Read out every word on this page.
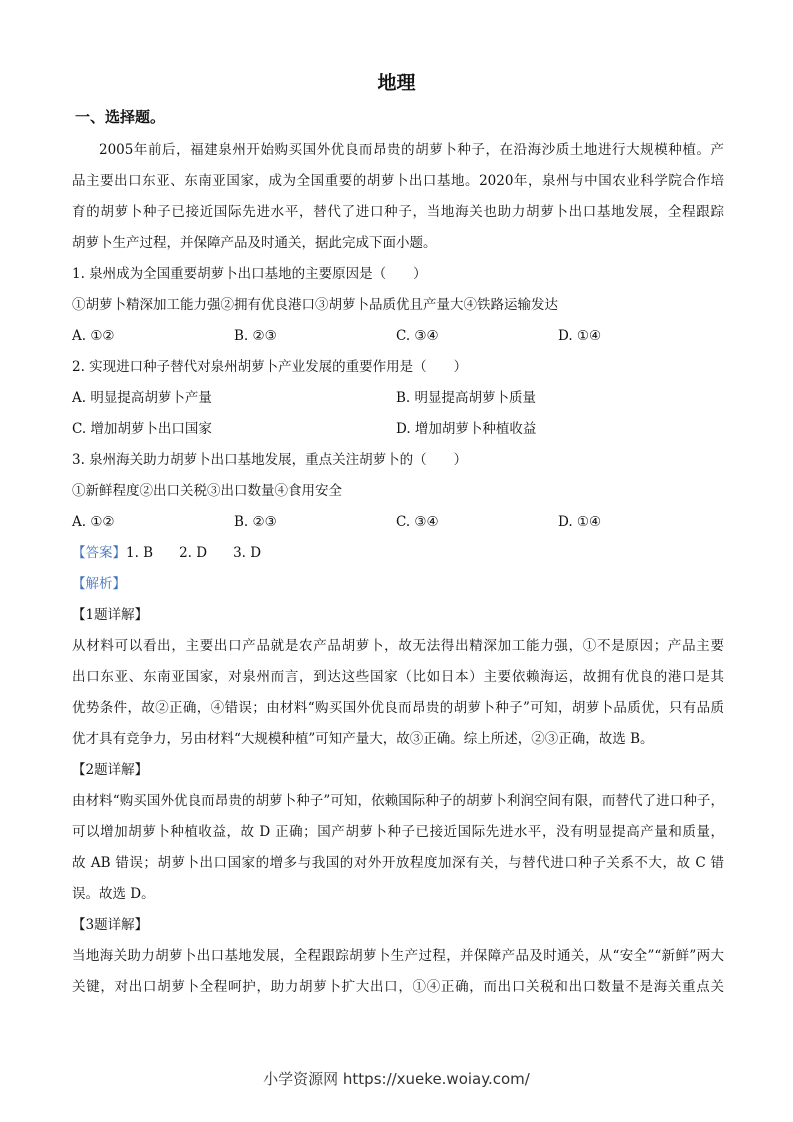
地理
一、选择题。
2005年前后，福建泉州开始购买国外优良而昂贵的胡萝卜种子，在沿海沙质土地进行大规模种植。产
品主要出口东亚、东南亚国家，成为全国重要的胡萝卜出口基地。2020年，泉州与中国农业科学院合作培
育的胡萝卜种子已接近国际先进水平，替代了进口种子，当地海关也助力胡萝卜出口基地发展，全程跟踪
胡萝卜生产过程，并保障产品及时通关，据此完成下面小题。
1. 泉州成为全国重要胡萝卜出口基地的主要原因是（　　）
①胡萝卜精深加工能力强②拥有优良港口③胡萝卜品质优且产量大④铁路运输发达
A. ①②	B. ②③	C. ③④	D. ①④
2. 实现进口种子替代对泉州胡萝卜产业发展的重要作用是（　　）
A. 明显提高胡萝卜产量	B. 明显提高胡萝卜质量
C. 增加胡萝卜出口国家	D. 增加胡萝卜种植收益
3. 泉州海关助力胡萝卜出口基地发展，重点关注胡萝卜的（　　）
①新鲜程度②出口关税③出口数量④食用安全
A. ①②	B. ②③	C. ③④	D. ①④
【答案】1. B 2. D 3. D
【解析】
【1题详解】
从材料可以看出，主要出口产品就是农产品胡萝卜，故无法得出精深加工能力强，①不是原因；产品主要
出口东亚、东南亚国家，对泉州而言，到达这些国家（比如日本）主要依赖海运，故拥有优良的港口是其
优势条件，故②正确，④错误；由材料“购买国外优良而昂贵的胡萝卜种子”可知，胡萝卜品质优，只有品质
优才具有竞争力，另由材料“大规模种植”可知产量大，故③正确。综上所述，②③正确，故选 B。
【2题详解】
由材料“购买国外优良而昂贵的胡萝卜种子”可知，依赖国际种子的胡萝卜利润空间有限，而替代了进口种子，
可以增加胡萝卜种植收益，故 D 正确；国产胡萝卜种子已接近国际先进水平，没有明显提高产量和质量，
故 AB 错误；胡萝卜出口国家的增多与我国的对外开放程度加深有关，与替代进口种子关系不大，故 C 错
误。故选 D。
【3题详解】
当地海关助力胡萝卜出口基地发展，全程跟踪胡萝卜生产过程，并保障产品及时通关，从“安全”“新鲜”两大
关键，对出口胡萝卜全程呵护，助力胡萝卜扩大出口，①④正确，而出口关税和出口数量不是海关重点关
小学资源网 https://xueke.woiay.com/
